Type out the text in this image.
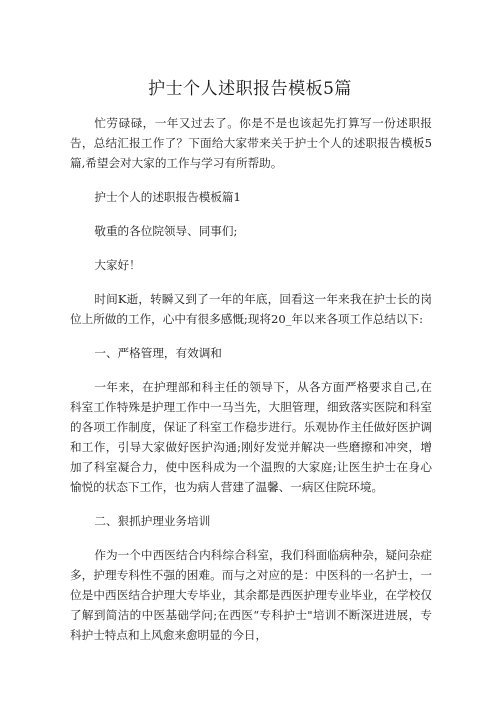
护士个人述职报告模板5篇

忙劳碌碌，一年又过去了。你是不是也该起先打算写一份述职报告，总结汇报工作了？下面给大家带来关于护士个人的述职报告模板5篇,希望会对大家的工作与学习有所帮助。

护士个人的述职报告模板篇1

敬重的各位院领导、同事们;

大家好！

时间K逝，转瞬又到了一年的年底，回看这一年来我在护士长的岗位上所做的工作，心中有很多感慨;现将20_年以来各项工作总结以下:

一、严格管理，有效调和

一年来，在护理部和科主任的领导下，从各方面严格要求自己,在科室工作特殊是护理工作中一马当先，大胆管理，细致落实医院和科室的各项工作制度，保证了科室工作稳步进行。乐观协作主任做好医护调和工作，引导大家做好医护沟通;刚好发觉并解决一些磨擦和冲突，增加了科室凝合力，使中医科成为一个温煦的大家庭;让医生护士在身心愉悦的状态下工作，也为病人营建了温馨、一病区住院环境。

二、狠抓护理业务培训

作为一个中西医结合内科综合科室，我们科面临病种杂，疑问杂症多，护理专科性不强的困难。而与之对应的是：中医科的一名护士，一位是中西医结合护理大专毕业，其余都是西医护理专业毕业，在学校仅了解到简洁的中医基础学问;在西医“专科护士"培训不断深进进展，专科护士特点和上风愈来愈明显的今日，
